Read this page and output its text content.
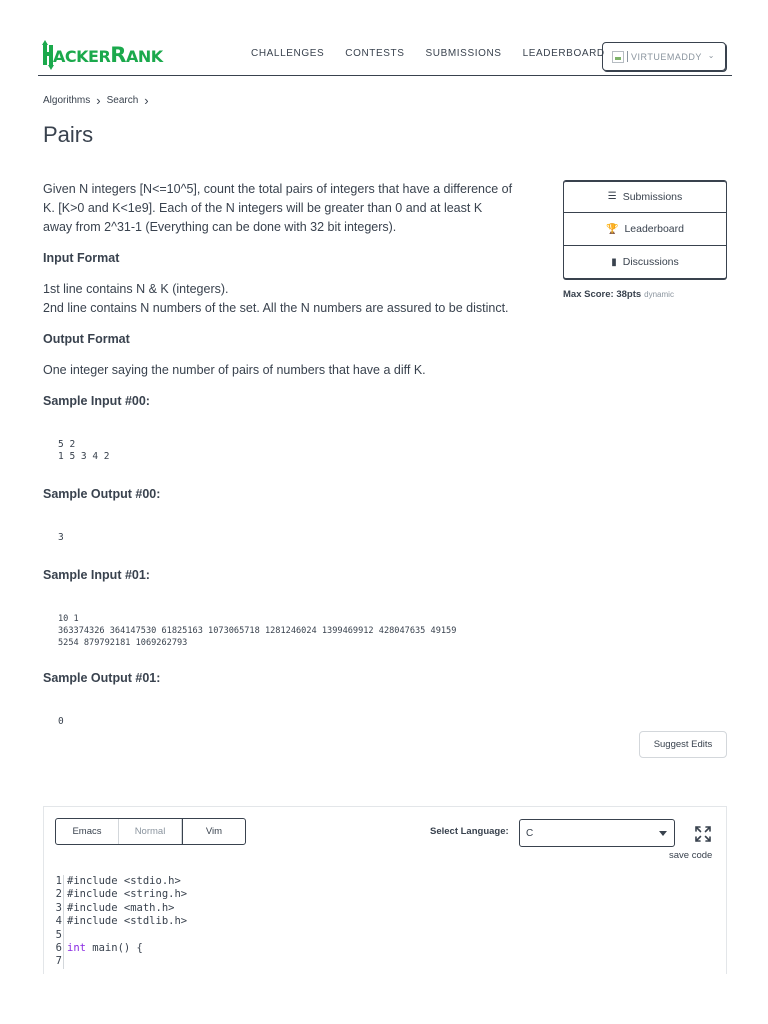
ACKERRANK	CHALLENGES CONTESTS SUBMISSIONS LEADERBOARD	VIRTUEMADDY ⌄
Algorithms › Search ›
Pairs

Given N integers [N<=10^5], count the total pairs of integers that have a difference of K. [K>0 and K<1e9]. Each of the N integers will be greater than 0 and at least K away from 2^31-1 (Everything can be done with 32 bit integers).

Input Format

1st line contains N & K (integers).
2nd line contains N numbers of the set. All the N numbers are assured to be distinct.

Output Format

One integer saying the number of pairs of numbers that have a diff K.

Sample Input #00:
5 2
1 5 3 4 2
Sample Output #00:
3
Sample Input #01:
10 1
363374326 364147530 61825163 1073065718 1281246024 1399469912 428047635 49159
5254 879792181 1069262793
Sample Output #01:
0
☰ Submissions
🏆 Leaderboard
▮ Discussions
Max Score: 38pts dynamic
Suggest Edits
Emacs	Normal	Vim	Select Language: C
save code
1 #include <stdio.h>
2 #include <string.h>
3 #include <math.h>
4 #include <stdlib.h>
5
6 int main() {
7
